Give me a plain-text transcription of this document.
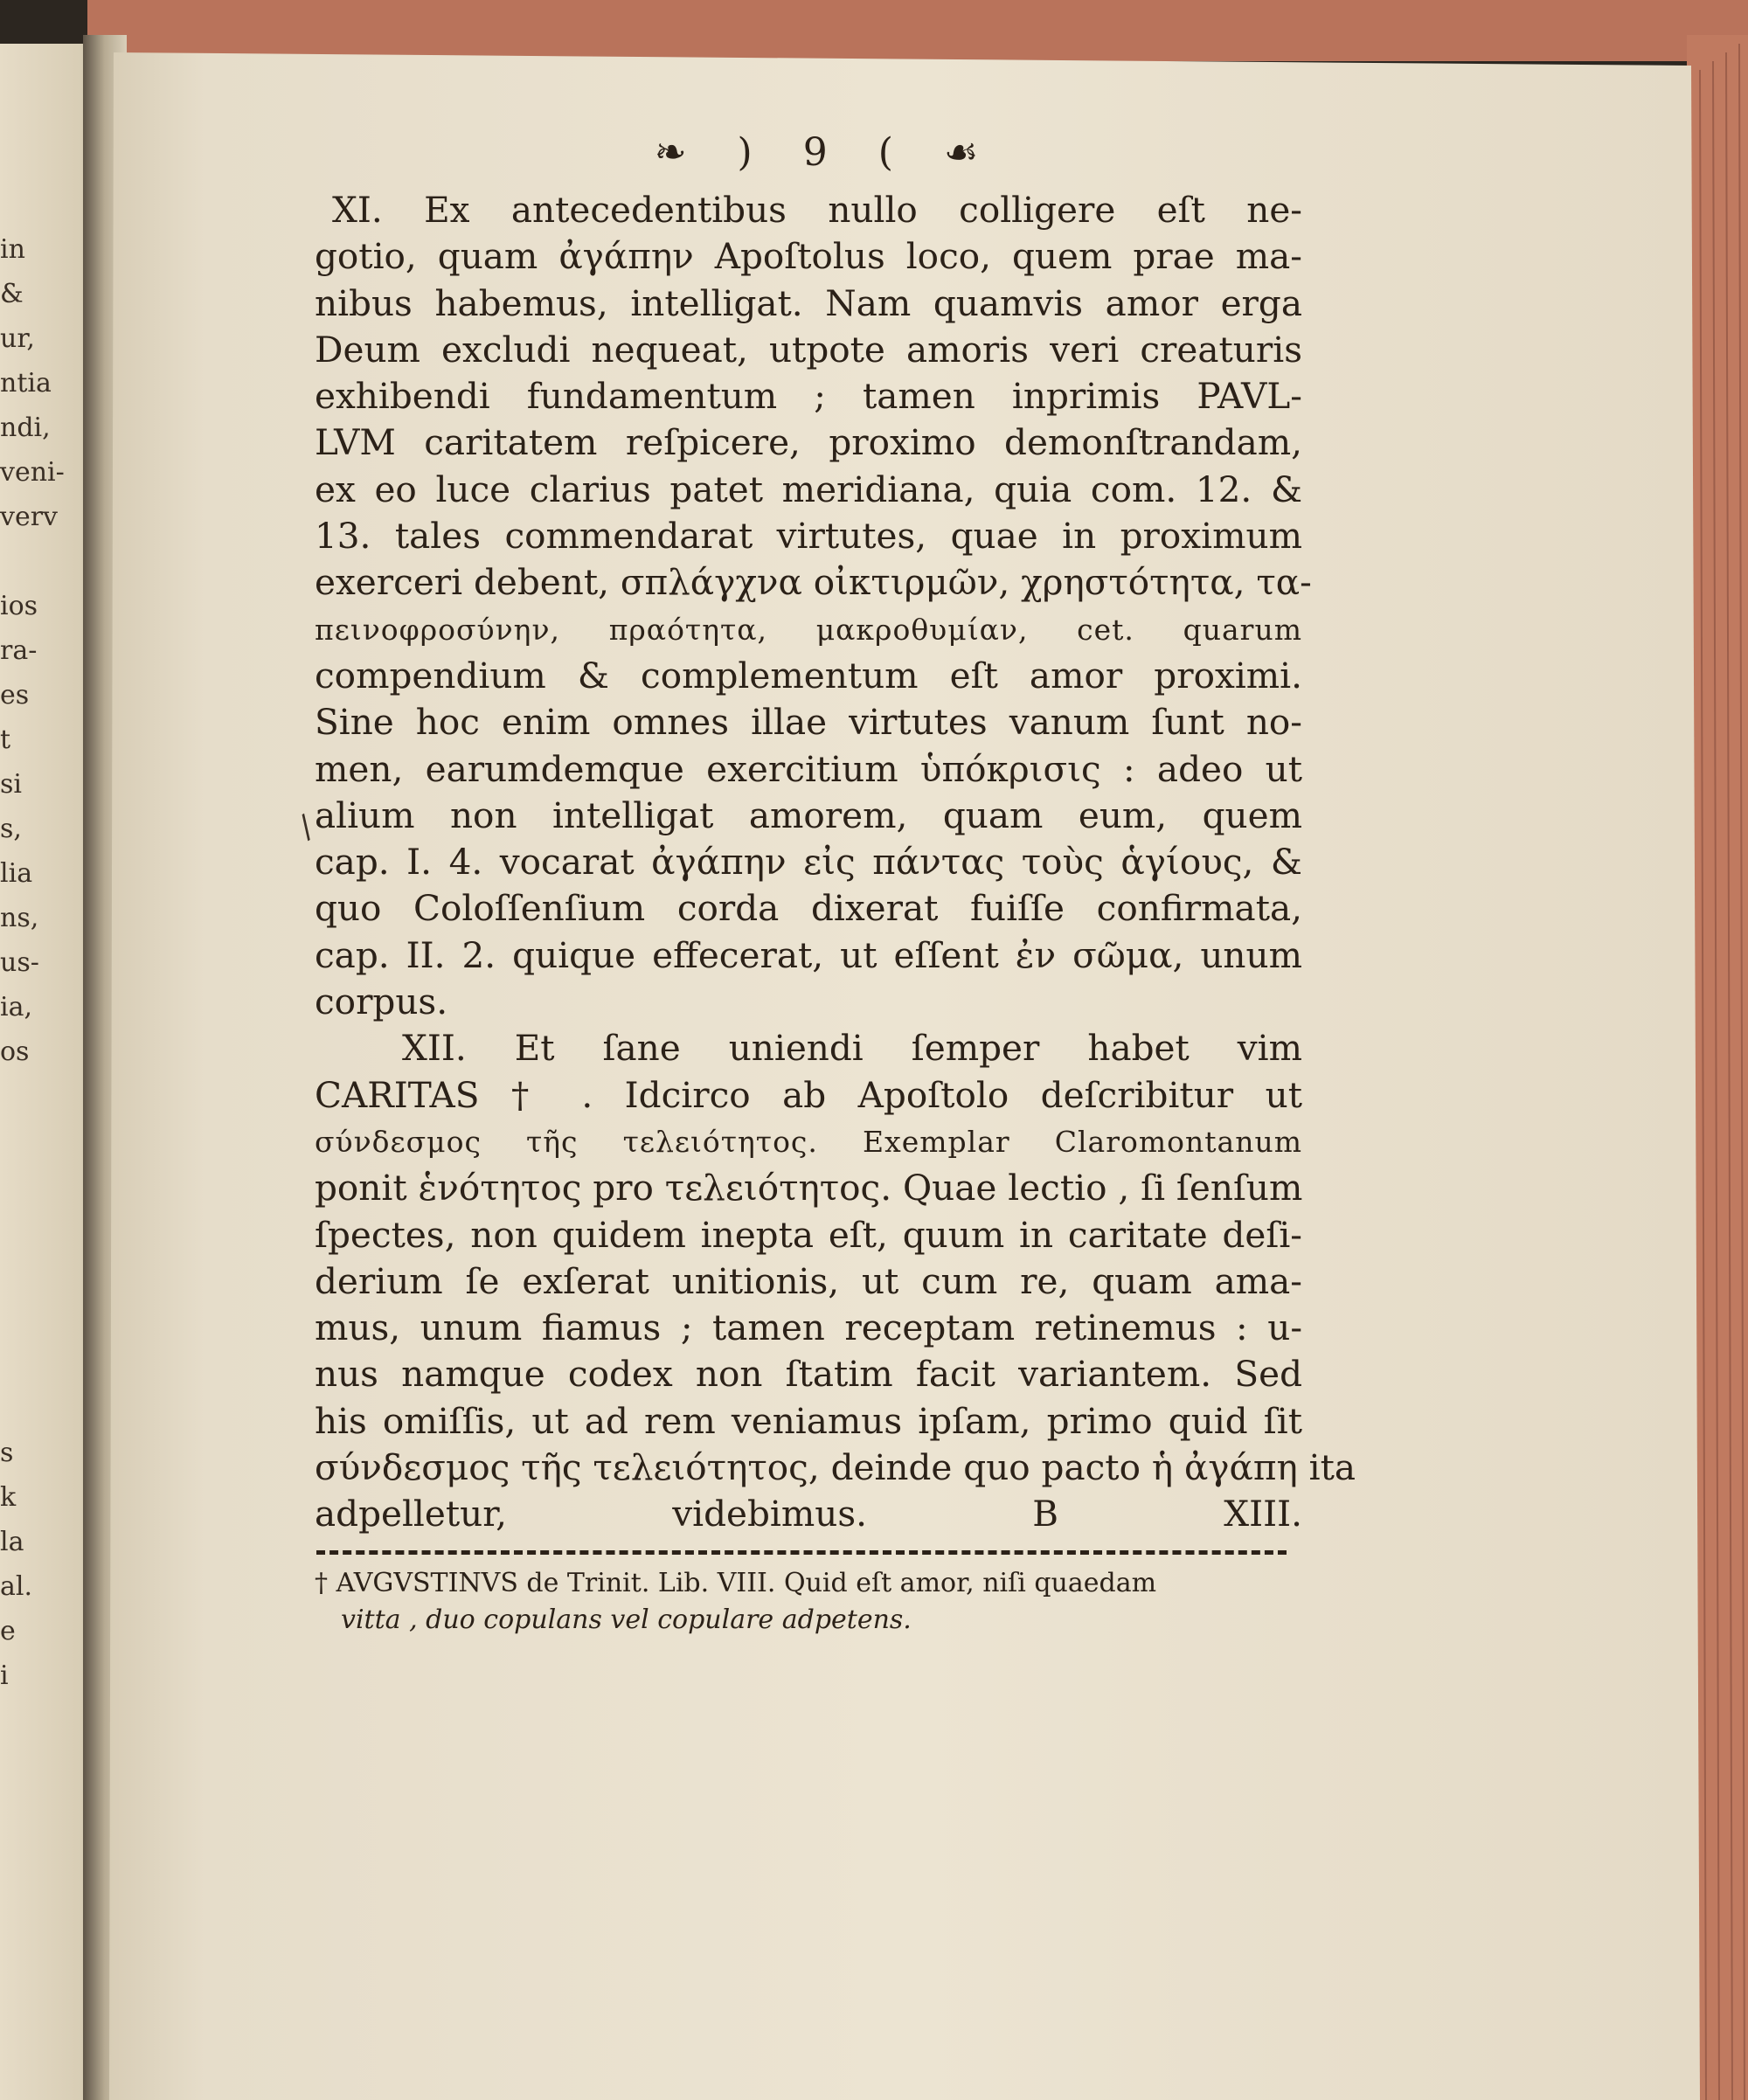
in
&
ur,
ntia
ndi,
veni-
verv
ios
ra-
es
t
si
s,
lia
ns,
us-
ia,
os
s
k
la
al.
e
i
❧ ) 9 ( ☙
XI. Ex antecedentibus nullo colligere eſt ne-
gotio, quam ἀγάπην Apoſtolus loco, quem prae ma-
nibus habemus, intelligat. Nam quamvis amor erga
Deum excludi nequeat, utpote amoris veri creaturis
exhibendi fundamentum ; tamen inprimis PAVL-
LVM caritatem reſpicere, proximo demonſtrandam,
ex eo luce clarius patet meridiana, quia com. 12. &
13. tales commendarat virtutes, quae in proximum
exerceri debent, σπλάγχνα οἰκτιρμῶν, χρηστότητα, τα-
πεινοφροσύνην, πραότητα, μακροθυμίαν, cet. quarum
compendium & complementum eſt amor proximi.
Sine hoc enim omnes illae virtutes vanum ſunt no-
men, earumdemque exercitium ὑπόκρισις : adeo ut
alium non intelligat amorem, quam eum, quem
cap. I. 4. vocarat ἀγάπην εἰς πάντας τοὺς ἁγίους, &
quo Coloſſenſium corda dixerat fuiſſe confirmata,
cap. II. 2. quique effecerat, ut eſſent ἐν σῶμα, unum
corpus.
XII. Et ſane uniendi ſemper habet vim
CARITAS † . Idcirco ab Apoſtolo deſcribitur ut
σύνδεσμος τῆς τελειότητος. Exemplar Claromontanum
ponit ἑνότητος pro τελειότητος. Quae lectio , ſi ſenſum
ſpectes, non quidem inepta eſt, quum in caritate deſi-
derium ſe exſerat unitionis, ut cum re, quam ama-
mus, unum fiamus ; tamen receptam retinemus : u-
nus namque codex non ſtatim facit variantem. Sed
his omiſſis, ut ad rem veniamus ipſam, primo quid ſit
σύνδεσμος τῆς τελειότητος, deinde quo pacto ἡ ἀγάπη ita
adpelletur, videbimus. B XIII.
† AVGVSTINVS de Trinit. Lib. VIII. Quid eſt amor, niſi quaedam
vitta , duo copulans vel copulare adpetens.
/
